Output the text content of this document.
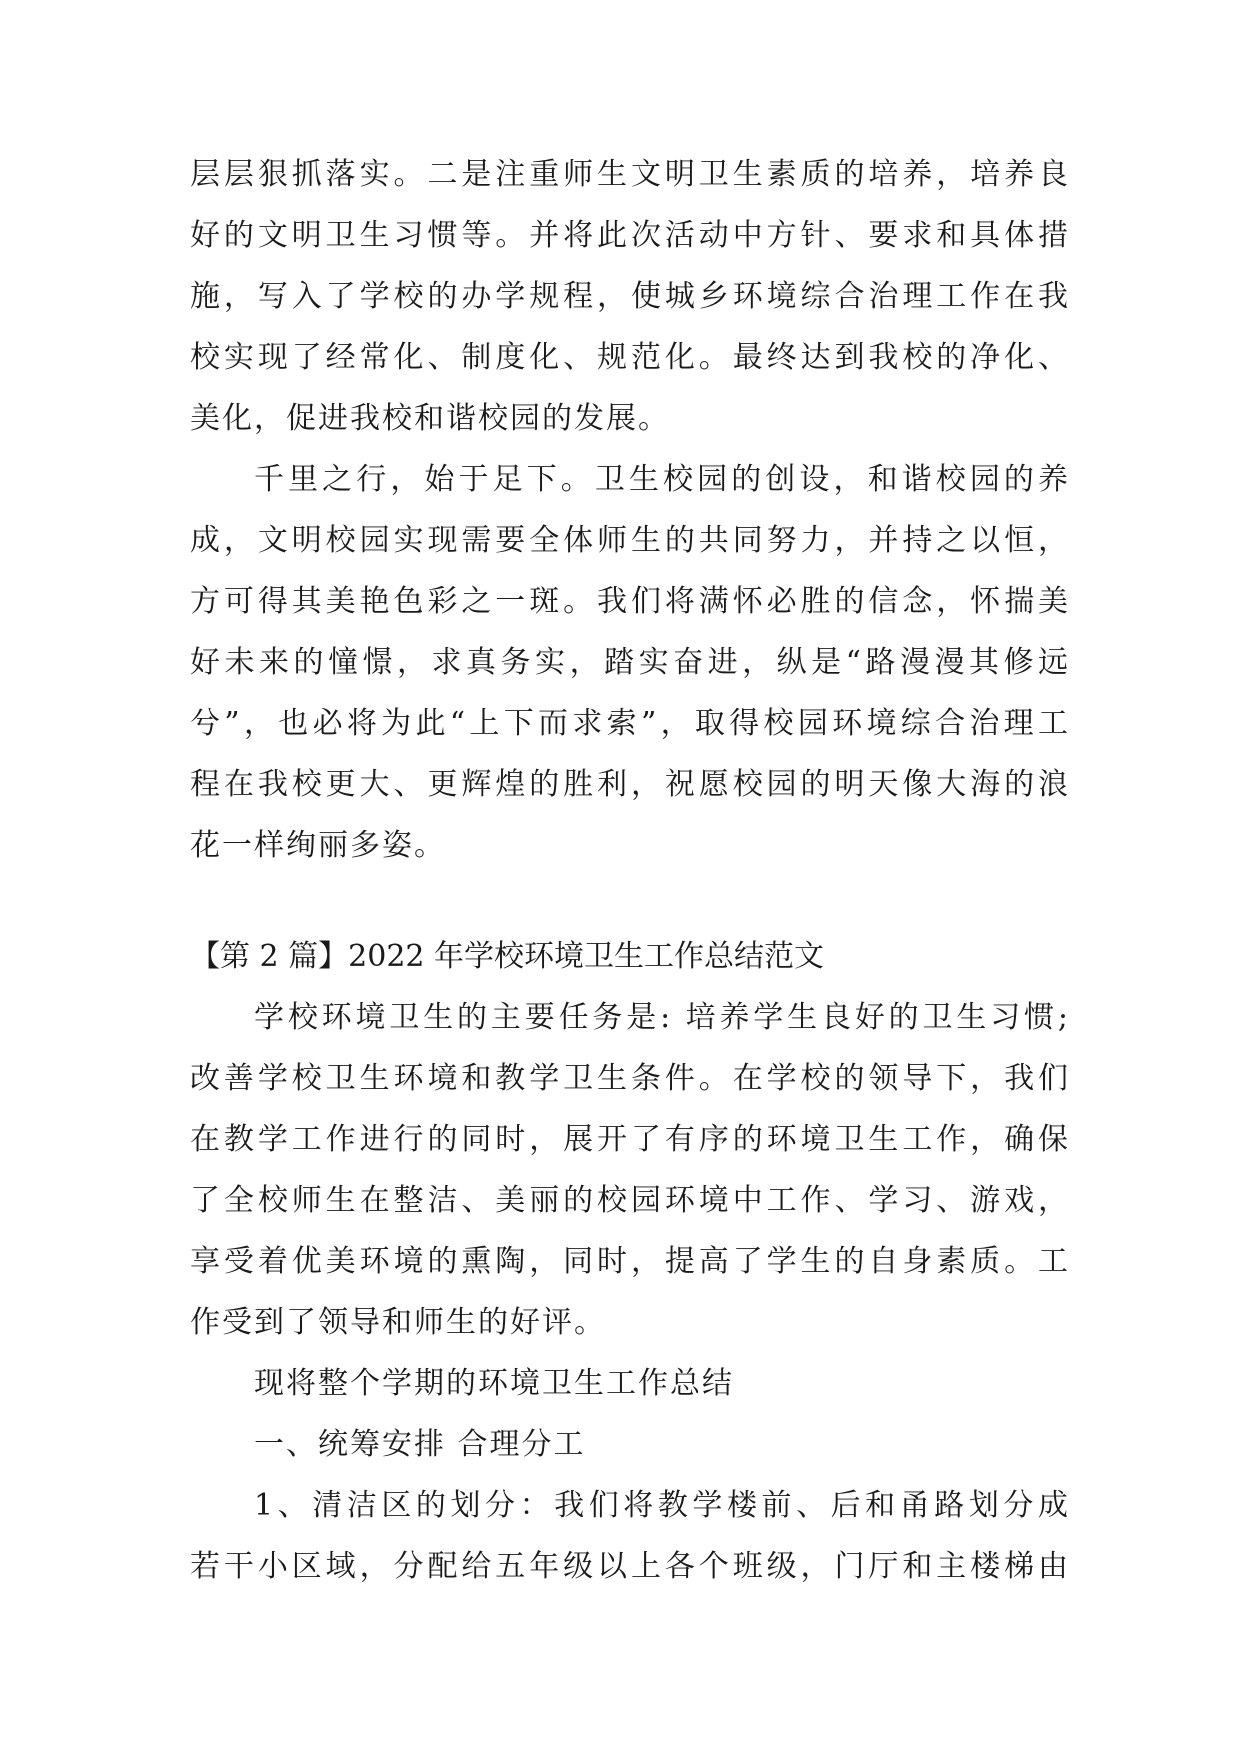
层层狠抓落实。二是注重师生文明卫生素质的培养，培养良
好的文明卫生习惯等。并将此次活动中方针、要求和具体措
施，写入了学校的办学规程，使城乡环境综合治理工作在我
校实现了经常化、制度化、规范化。最终达到我校的净化、
美化，促进我校和谐校园的发展。
千里之行，始于足下。卫生校园的创设，和谐校园的养
成，文明校园实现需要全体师生的共同努力，并持之以恒，
方可得其美艳色彩之一斑。我们将满怀必胜的信念，怀揣美
好未来的憧憬，求真务实，踏实奋进，纵是“路漫漫其修远
兮”，也必将为此“上下而求索”，取得校园环境综合治理工
程在我校更大、更辉煌的胜利，祝愿校园的明天像大海的浪
花一样绚丽多姿。
【第 2 篇】2022 年学校环境卫生工作总结范文
学校环境卫生的主要任务是: 培养学生良好的卫生习惯;
改善学校卫生环境和教学卫生条件。在学校的领导下，我们
在教学工作进行的同时，展开了有序的环境卫生工作，确保
了全校师生在整洁、美丽的校园环境中工作、学习、游戏，
享受着优美环境的熏陶，同时，提高了学生的自身素质。工
作受到了领导和师生的好评。
现将整个学期的环境卫生工作总结
一、统筹安排 合理分工
1、清洁区的划分：我们将教学楼前、后和甬路划分成
若干小区域，分配给五年级以上各个班级，门厅和主楼梯由
